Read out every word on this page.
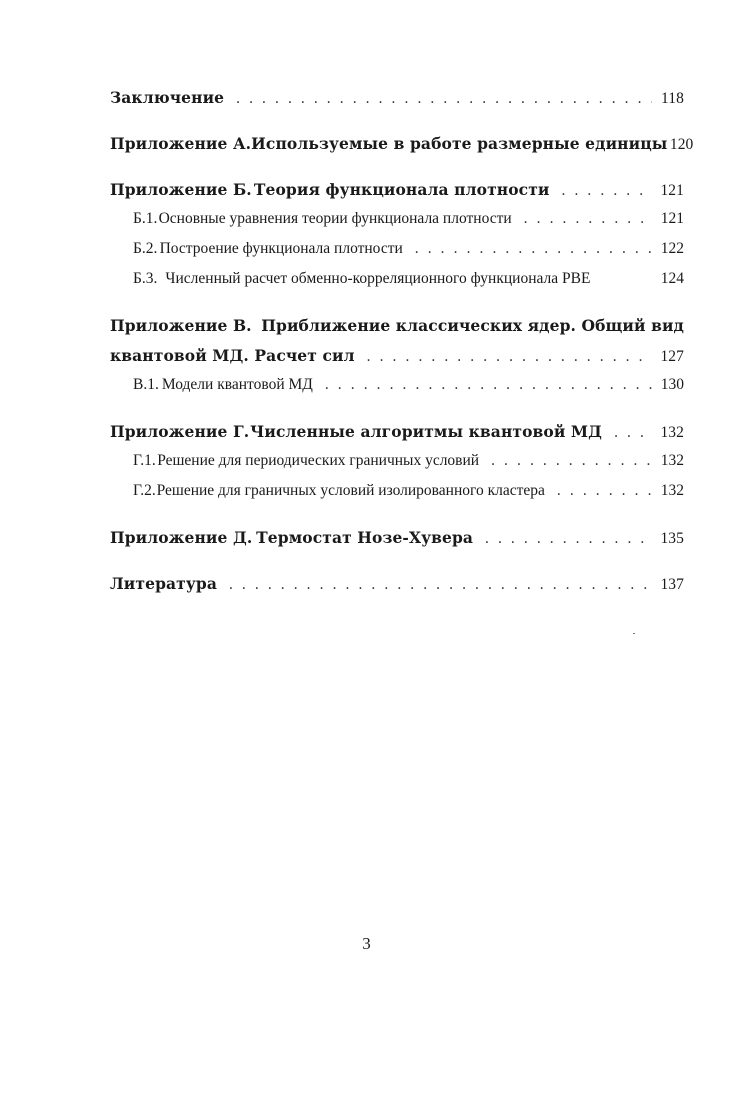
Заключение . . .	118
Приложение А. Используемые в работе размерные единицы 120
Приложение Б. Теория функционала плотности . . .	121
Б.1. Основные уравнения теории функционала плотности . . .	121
Б.2. Построение функционала плотности . . .	122
Б.3. Численный расчет обменно-корреляционного функционала PBE	124
Приложение В. Приближение классических ядер. Общий вид
квантовой МД. Расчет сил . . .	127
В.1. Модели квантовой МД . . .	130
Приложение Г. Численные алгоритмы квантовой МД . . .	132
Г.1. Решение для периодических граничных условий . . .	132
Г.2. Решение для граничных условий изолированного кластера . . .	132
Приложение Д. Термостат Нозе-Хувера . . .	135
Литература . . .	137
3
